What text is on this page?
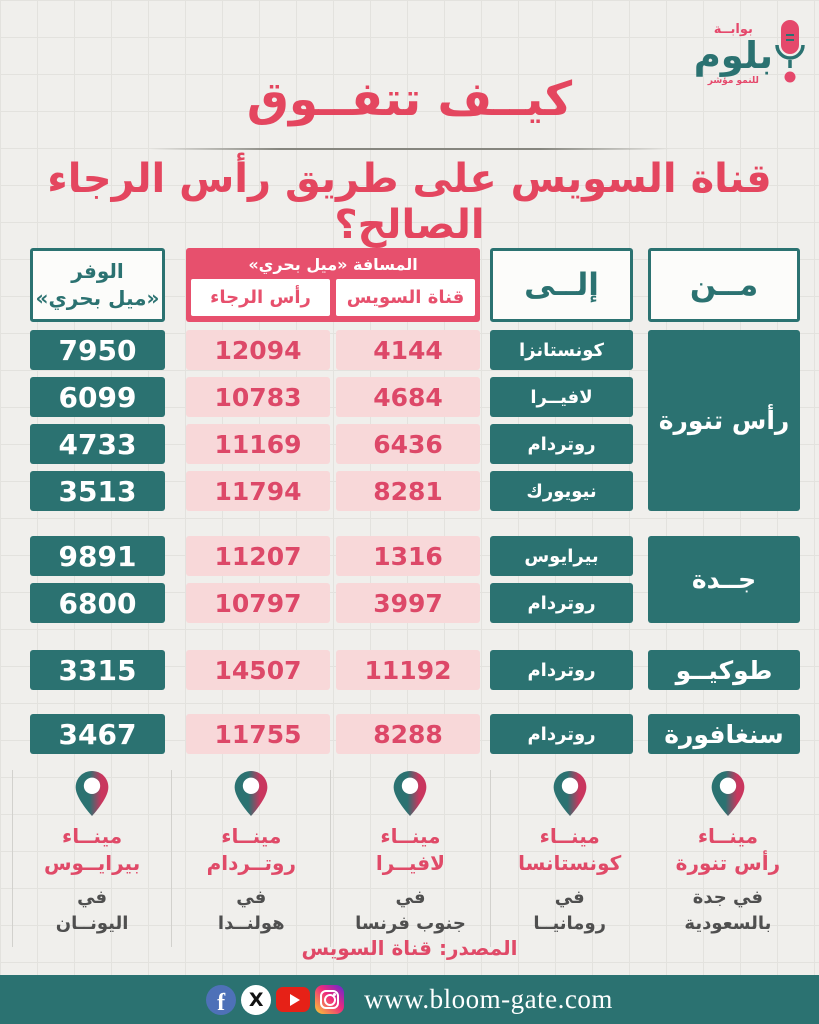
بوابــة
بلوم
للنمو مؤشر
كيــف تتفــوق
قناة السويس على طريق رأس الرجاء الصالح؟
مــن
إلــى
المسافة «ميل بحري»
قناة السويس
رأس الرجاء
الوفر
«ميل بحري»
رأس تنورة
كونستانزا
4144
12094
7950
لافيــرا
4684
10783
6099
روتردام
6436
11169
4733
نيويورك
8281
11794
3513
جــدة
بيرايوس
1316
11207
9891
روتردام
3997
10797
6800
طوكيــو
روتردام
11192
14507
3315
سنغافورة
روتردام
8288
11755
3467
مينــاء
رأس تنورة
في جدة
بالسعودية
مينــاء
كونستانسا
في
رومانيــا
مينــاء
لافيــرا
في
جنوب فرنسا
مينــاء
روتــردام
في
هولنــدا
مينــاء
بيرايــوس
في
اليونــان
المصدر: قناة السويس
f	X	www.bloom-gate.com
